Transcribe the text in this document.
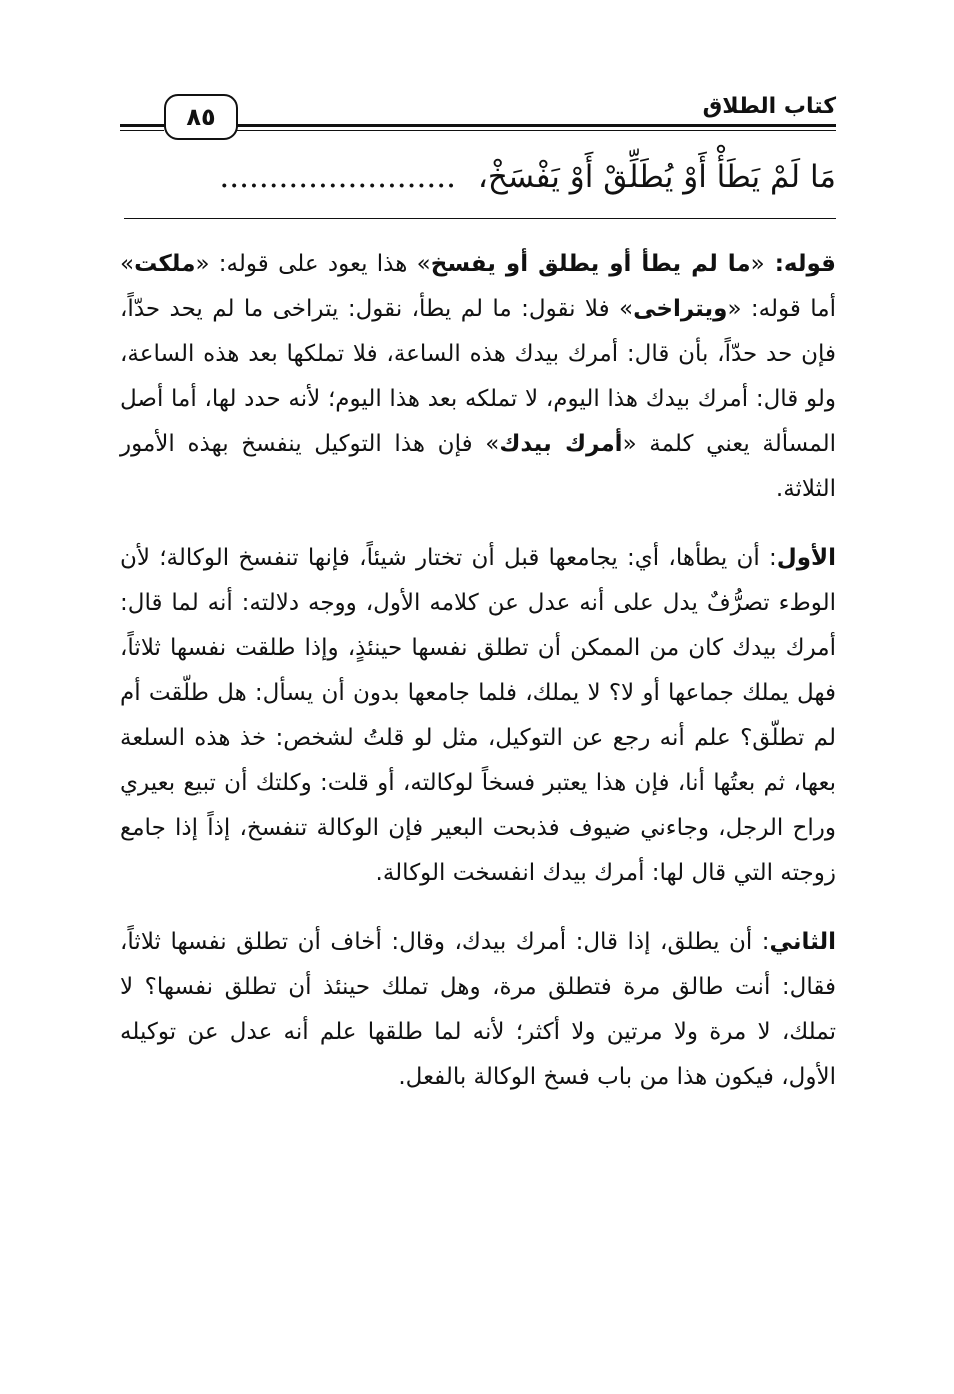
كتاب الطلاق
٨٥
مَا لَمْ يَطَأْ أَوْ يُطَلِّقْ أَوْ يَفْسَخْ،........................

قوله: «ما لم يطأ أو يطلق أو يفسخ» هذا يعود على قوله: «ملكت» أما قوله: «ويتراخى» فلا نقول: ما لم يطأ، نقول: يتراخى ما لم يحد حدّاً، فإن حد حدّاً، بأن قال: أمرك بيدك هذه الساعة، فلا تملكها بعد هذه الساعة، ولو قال: أمرك بيدك هذا اليوم، لا تملكه بعد هذا اليوم؛ لأنه حدد لها، أما أصل المسألة يعني كلمة «أمرك بيدك» فإن هذا التوكيل ينفسخ بهذه الأمور الثلاثة.

الأول: أن يطأها، أي: يجامعها قبل أن تختار شيئاً، فإنها تنفسخ الوكالة؛ لأن الوطء تصرُّفٌ يدل على أنه عدل عن كلامه الأول، ووجه دلالته: أنه لما قال: أمرك بيدك كان من الممكن أن تطلق نفسها حينئذٍ، وإذا طلقت نفسها ثلاثاً، فهل يملك جماعها أو لا؟ لا يملك، فلما جامعها بدون أن يسأل: هل طلّقت أم لم تطلّق؟ علم أنه رجع عن التوكيل، مثل لو قلتُ لشخص: خذ هذه السلعة بعها، ثم بعتُها أنا، فإن هذا يعتبر فسخاً لوكالته، أو قلت: وكلتك أن تبيع بعيري وراح الرجل، وجاءني ضيوف فذبحت البعير فإن الوكالة تنفسخ، إذاً إذا جامع زوجته التي قال لها: أمرك بيدك انفسخت الوكالة.

الثاني: أن يطلق، إذا قال: أمرك بيدك، وقال: أخاف أن تطلق نفسها ثلاثاً، فقال: أنت طالق مرة فتطلق مرة، وهل تملك حينئذ أن تطلق نفسها؟ لا تملك، لا مرة ولا مرتين ولا أكثر؛ لأنه لما طلقها علم أنه عدل عن توكيله الأول، فيكون هذا من باب فسخ الوكالة بالفعل.
